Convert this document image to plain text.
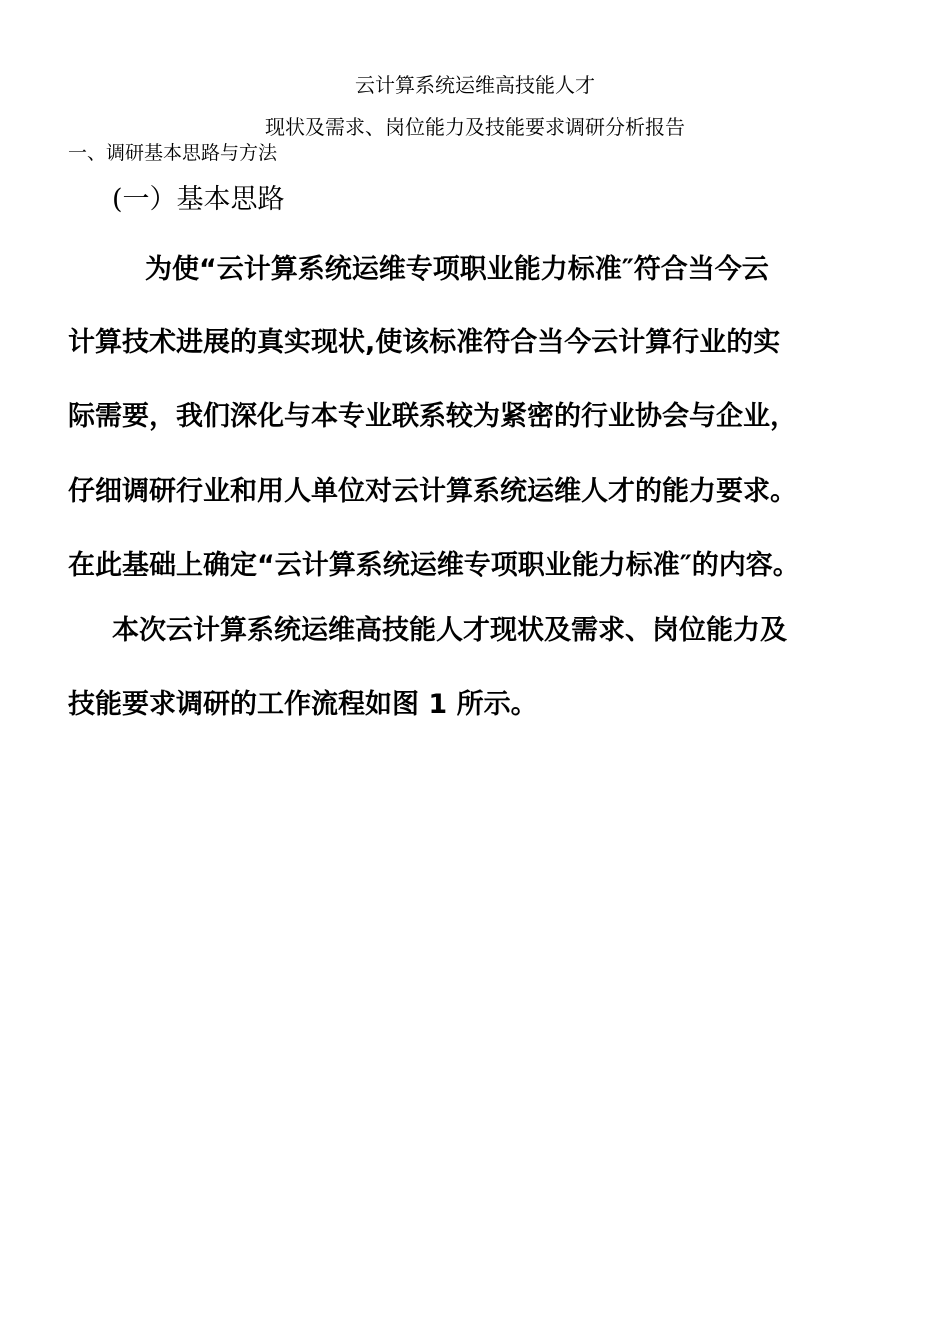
云计算系统运维高技能人才
现状及需求、岗位能力及技能要求调研分析报告
一、调研基本思路与方法
(一）基本思路
为使“云计算系统运维专项职业能力标准″符合当今云
计算技术进展的真实现状,使该标准符合当今云计算行业的实
际需要，我们深化与本专业联系较为紧密的行业协会与企业，
仔细调研行业和用人单位对云计算系统运维人才的能力要求。
在此基础上确定“云计算系统运维专项职业能力标准″的内容。
本次云计算系统运维高技能人才现状及需求、岗位能力及
技能要求调研的工作流程如图 1 所示。
